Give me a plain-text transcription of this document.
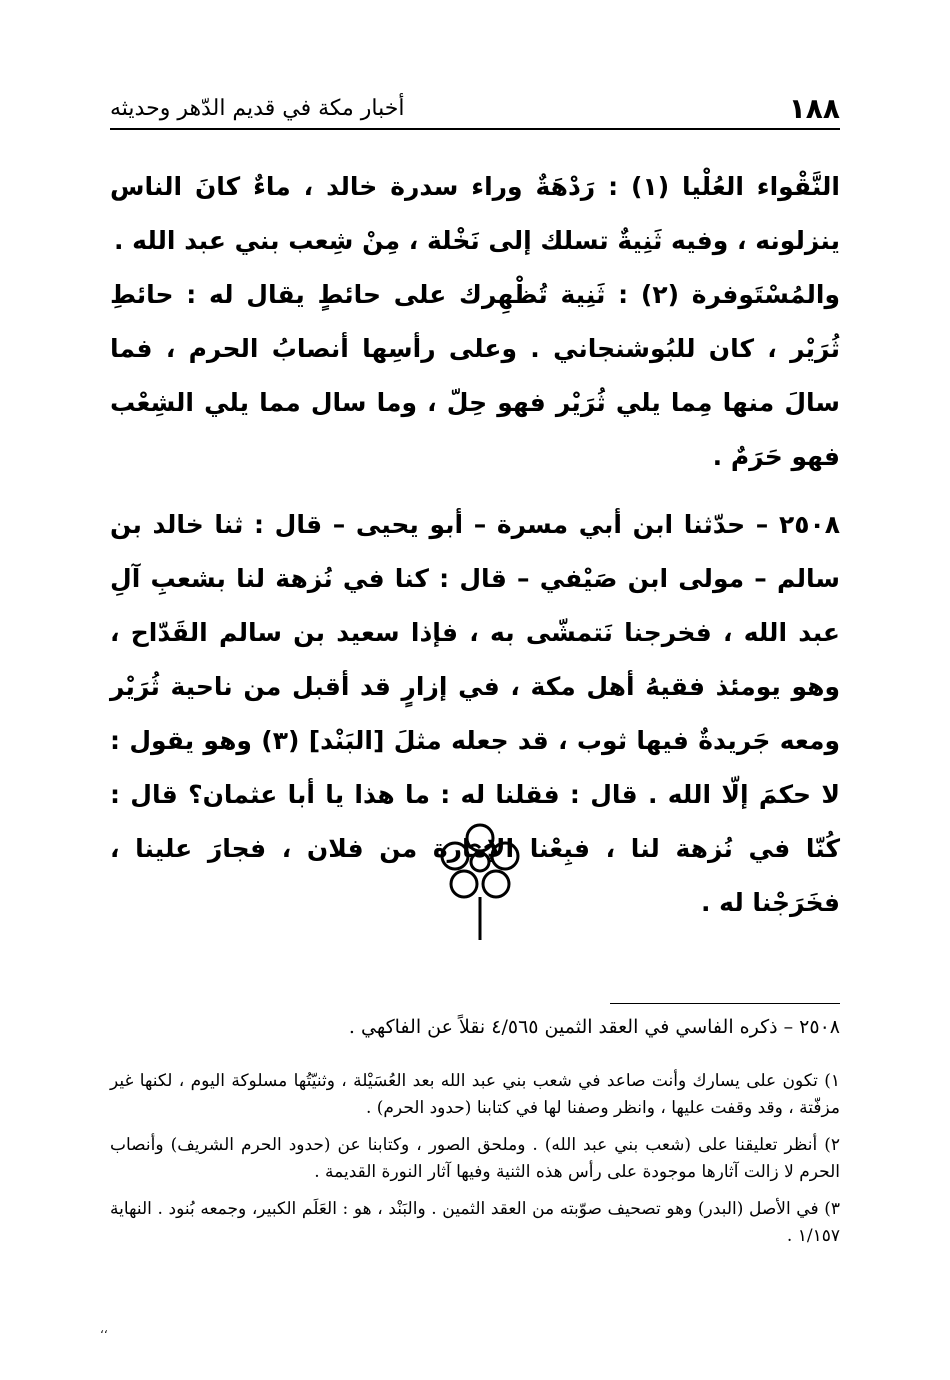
١٨٨
أخبار مكة في قديم الدّهر وحديثه

النَّقْواء العُلْيا (١) : رَدْهَةٌ وراء سدرة خالد ، ماءٌ كانَ الناس ينزلونه ، وفيه ثَنِيةٌ تسلك إلى نَخْلة ، مِنْ شِعب بني عبد الله .

والمُسْتَوفرة (٢) : ثَنِية تُظْهِرك على حائطٍ يقال له : حائطِ ثُرَيْر ، كان للبُوشنجاني . وعلى رأسِها أنصابُ الحرم ، فما سالَ منها مِما يلي ثُرَيْر فهو حِلّ ، وما سال مما يلي الشِعْب فهو حَرَمٌ .

٢٥٠٨ – حدّثنا ابن أبي مسرة – أبو يحيى – قال : ثنا خالد بن سالم – مولى ابن صَيْفي – قال : كنا في نُزهة لنا بشعبِ آلِ عبد الله ، فخرجنا نَتمشّى به ، فإذا سعيد بن سالم القَدّاح ، وهو يومئذ فقيهُ أهل مكة ، في إزارٍ قد أقبل من ناحية ثُرَيْر ومعه جَريدةٌ فيها ثوب ، قد جعله مثلَ [البَنْد] (٣) وهو يقول : لا حكمَ إلّا الله . قال : فقلنا له : ما هذا يا أبا عثمان؟ قال : كُنّا في نُزهة لنا ، فبِعْنا الإمارة من فلان ، فجارَ علينا ، فخَرَجْنا له .

٢٥٠٨ – ذكره الفاسي في العقد الثمين ٤/٥٦٥ نقلاً عن الفاكهي .

١) تكون على يسارك وأنت صاعد في شعب بني عبد الله بعد العُسَيْلة ، وثنيّتُها مسلوكة اليوم ، لكنها غير مزفّتة ، وقد وقفت عليها ، وانظر وصفنا لها في كتابنا (حدود الحرم) .

٢) أنظر تعليقنا على (شعب بني عبد الله) . وملحق الصور ، وكتابنا عن (حدود الحرم الشريف) وأنصاب الحرم لا زالت آثارها موجودة على رأس هذه الثنية وفيها آثار النورة القديمة .

٣) في الأصل (البدر) وهو تصحيف صوّبته من العقد الثمين . والبَنْد ، هو : العَلَم الكبير، وجمعه بُنود . النهاية ١/١٥٧ .

‘‘
